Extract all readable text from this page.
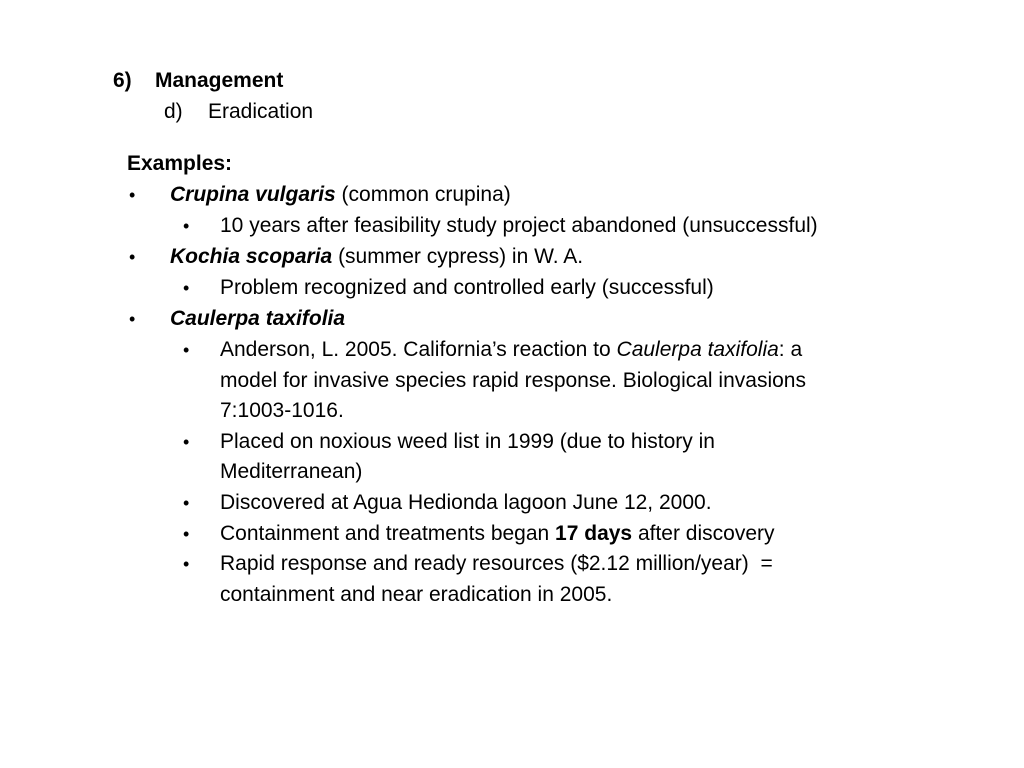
6) Management
d) Eradication
Examples:
• Crupina vulgaris (common crupina)
• 10 years after feasibility study project abandoned (unsuccessful)
• Kochia scoparia (summer cypress) in W. A.
• Problem recognized and controlled early (successful)
• Caulerpa taxifolia
• Anderson, L. 2005. California’s reaction to Caulerpa taxifolia: a
model for invasive species rapid response. Biological invasions
7:1003-1016.
• Placed on noxious weed list in 1999 (due to history in
Mediterranean)
• Discovered at Agua Hedionda lagoon June 12, 2000.
• Containment and treatments began 17 days after discovery
• Rapid response and ready resources ($2.12 million/year)  =
containment and near eradication in 2005.
